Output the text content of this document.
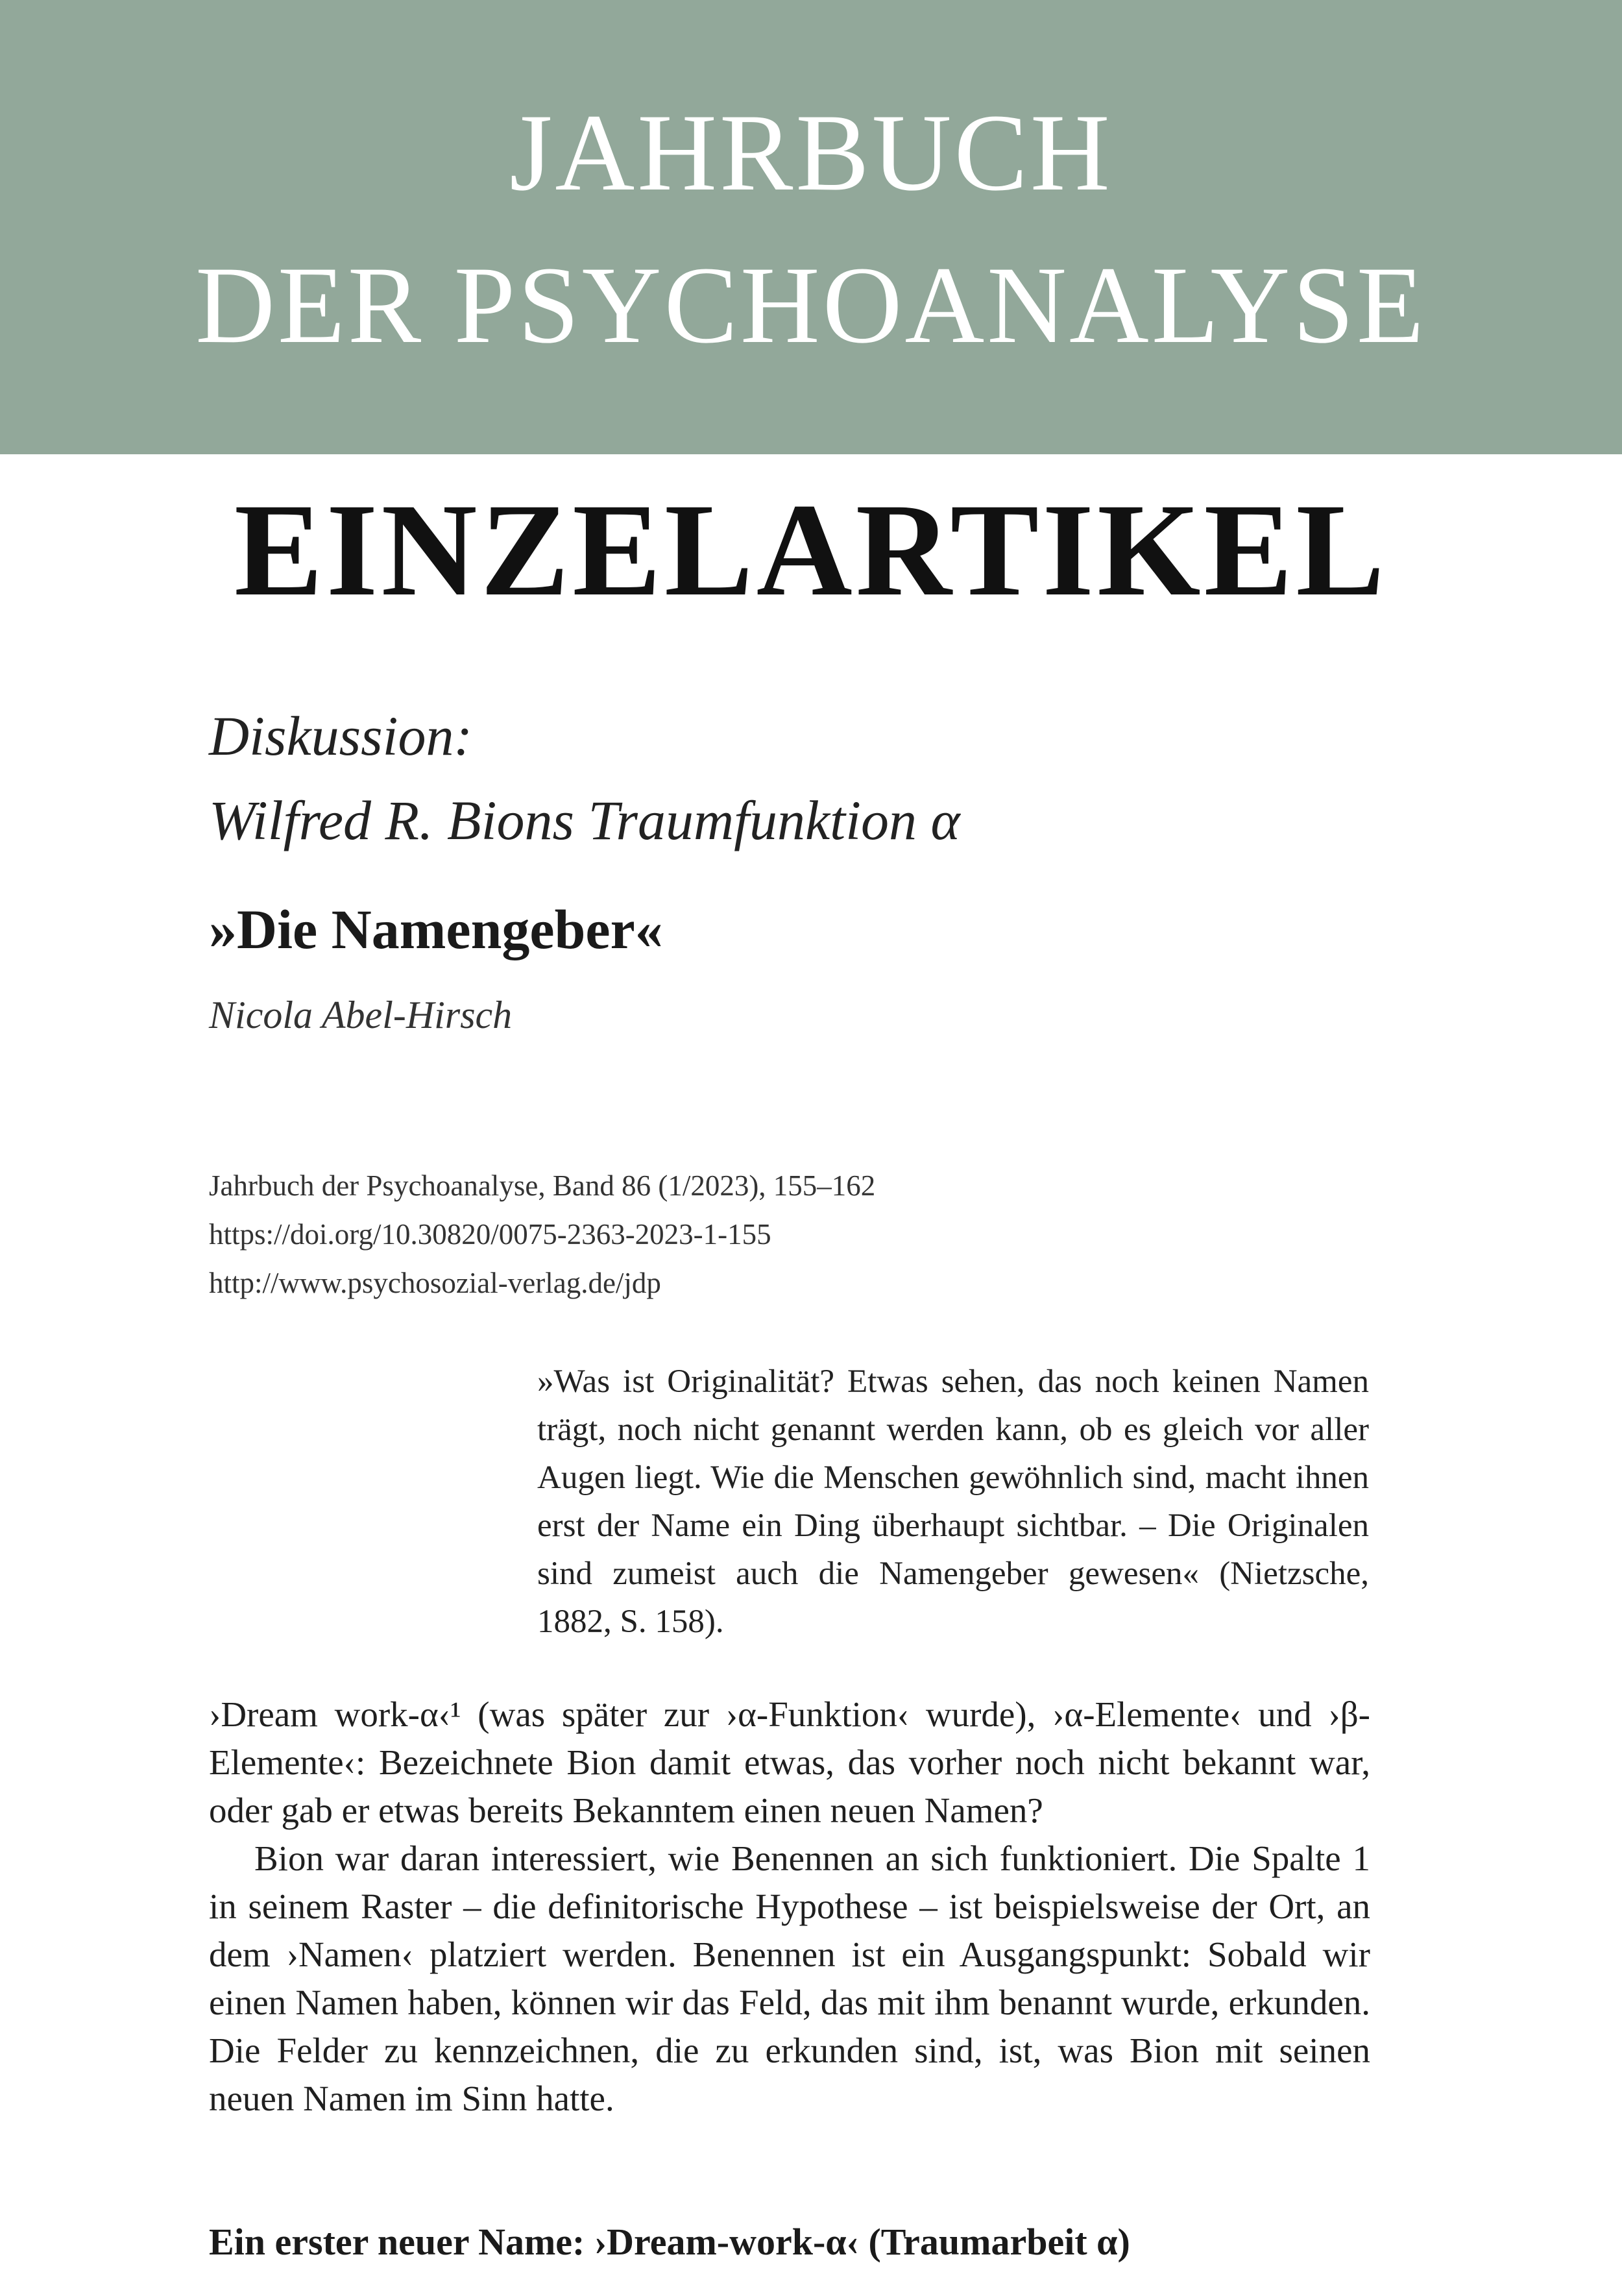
JAHRBUCH
DER PSYCHOANALYSE
EINZELARTIKEL

Diskussion:

Wilfred R. Bions Traumfunktion α

»Die Namengeber«

Nicola Abel-Hirsch

Jahrbuch der Psychoanalyse, Band 86 (1/2023), 155–162
https://doi.org/10.30820/0075-2363-2023-1-155
http://www.psychosozial-verlag.de/jdp

»Was ist Originalität? Etwas sehen, das noch keinen Namen trägt, noch nicht genannt werden kann, ob es gleich vor aller Augen liegt. Wie die Menschen gewöhnlich sind, macht ihnen erst der Name ein Ding überhaupt sichtbar. – Die Originalen sind zumeist auch die Namengeber gewesen« (Nietzsche, 1882, S. 158).

›Dream work-α‹¹ (was später zur ›α-Funktion‹ wurde), ›α-Elemente‹ und ›β-Elemente‹: Bezeichnete Bion damit etwas, das vorher noch nicht bekannt war, oder gab er etwas bereits Bekanntem einen neuen Namen?

Bion war daran interessiert, wie Benennen an sich funktioniert. Die Spalte 1 in seinem Raster – die definitorische Hypothese – ist beispielsweise der Ort, an dem ›Namen‹ platziert werden. Benennen ist ein Ausgangspunkt: Sobald wir einen Namen haben, können wir das Feld, das mit ihm benannt wurde, erkunden. Die Felder zu kennzeichnen, die zu erkunden sind, ist, was Bion mit seinen neuen Namen im Sinn hatte.

Ein erster neuer Name: ›Dream-work-α‹ (Traumarbeit α)
